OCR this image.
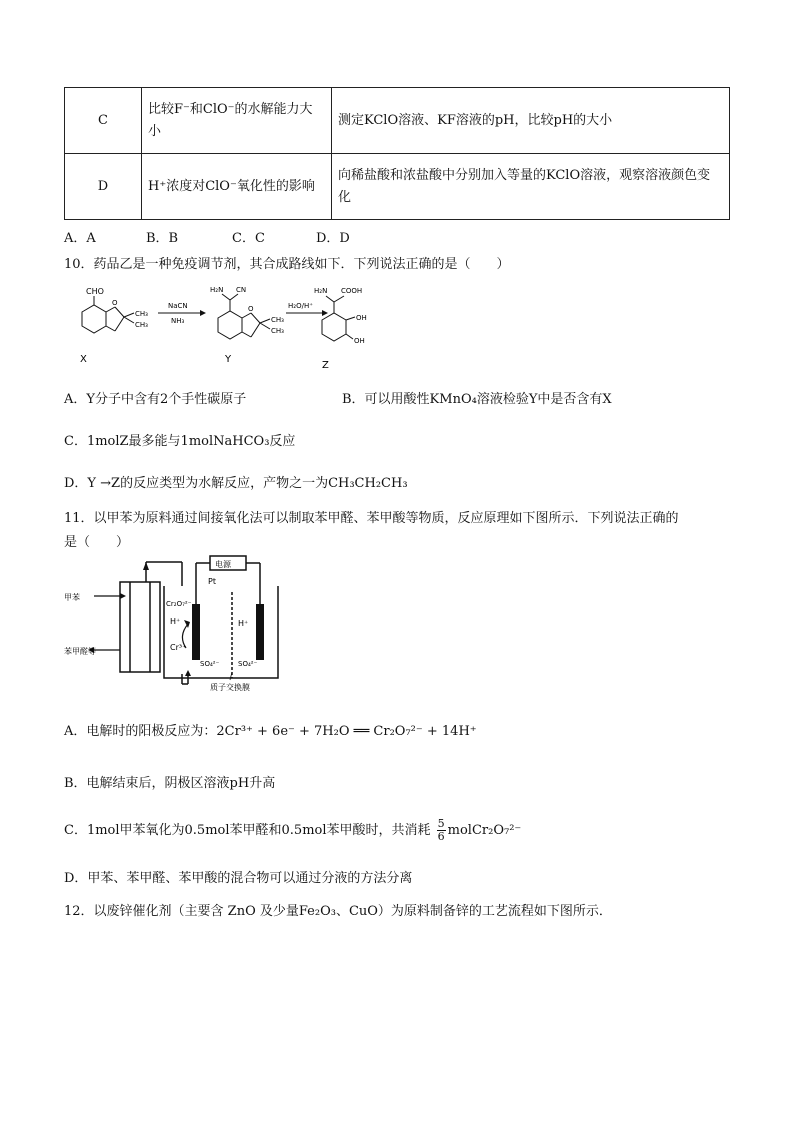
C	比较F⁻和ClO⁻的水解能力大小	测定KClO溶液、KF溶液的pH，比较pH的大小
D	H⁺浓度对ClO⁻氧化性的影响	向稀盐酸和浓盐酸中分别加入等量的KClO溶液，观察溶液颜色变化
A．A	B．B	C．C	D．D
10．药品乙是一种免疫调节剂，其合成路线如下．下列说法正确的是（　　）
CHO
O
CH₃
CH₃
X
NaCN
NH₃
H₂N CN
O
CH₃
CH₃
Y
H₂O/H⁺
H₂N COOH
OH
OH
Z
A．Y分子中含有2个手性碳原子	B．可以用酸性KMnO₄溶液检验Y中是否含有X
C．1molZ最多能与1molNaHCO₃反应
D．Y →Z的反应类型为水解反应，产物之一为CH₃CH₂CH₃
11．以甲苯为原料通过间接氧化法可以制取苯甲醛、苯甲酸等物质，反应原理如下图所示．下列说法正确的
是（　　）
甲苯
苯甲醛等
电源
Pt
Cr₂O₇²⁻
H⁺
Cr³⁺
SO₄²⁻
H⁺
SO₄²⁻
质子交换膜
A．电解时的阳极反应为：2Cr³⁺ + 6e⁻ + 7H₂O ══ Cr₂O₇²⁻ + 14H⁺
B．电解结束后，阴极区溶液pH升高
C．1mol甲苯氧化为0.5mol苯甲醛和0.5mol苯甲酸时，共消耗 $\frac{5}{6}$ molCr₂O₇²⁻
D．甲苯、苯甲醛、苯甲酸的混合物可以通过分液的方法分离
12．以废锌催化剂（主要含 ZnO 及少量Fe₂O₃、CuO）为原料制备锌的工艺流程如下图所示．
